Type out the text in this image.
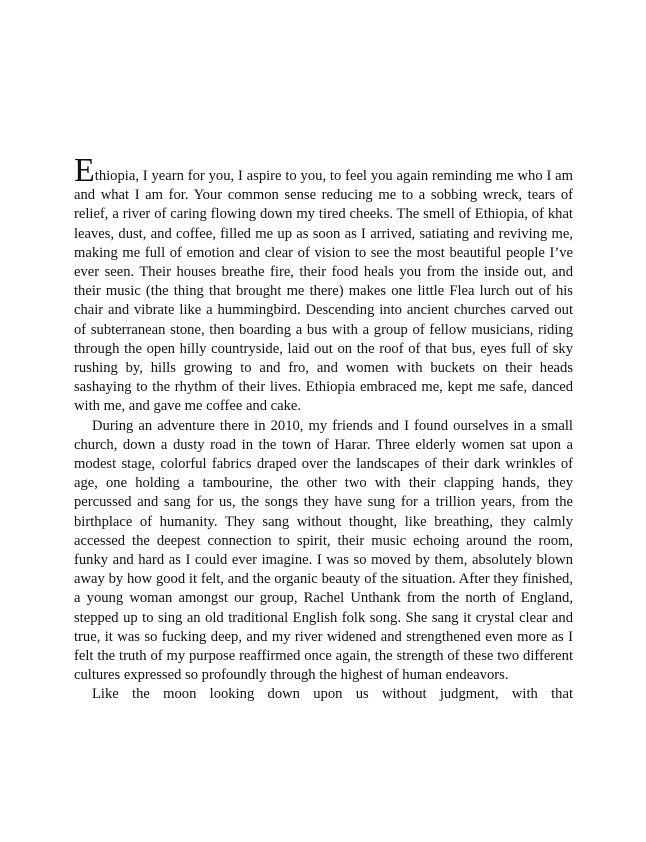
Ethiopia, I yearn for you, I aspire to you, to feel you again reminding me who I am and what I am for. Your common sense reducing me to a sobbing wreck, tears of relief, a river of caring flowing down my tired cheeks. The smell of Ethiopia, of khat leaves, dust, and coffee, filled me up as soon as I arrived, satiating and reviving me, making me full of emotion and clear of vision to see the most beautiful people I’ve ever seen. Their houses breathe fire, their food heals you from the inside out, and their music (the thing that brought me there) makes one little Flea lurch out of his chair and vibrate like a hummingbird. Descending into ancient churches carved out of subterranean stone, then boarding a bus with a group of fellow musicians, riding through the open hilly countryside, laid out on the roof of that bus, eyes full of sky rushing by, hills growing to and fro, and women with buckets on their heads sashaying to the rhythm of their lives. Ethiopia embraced me, kept me safe, danced with me, and gave me coffee and cake.

During an adventure there in 2010, my friends and I found ourselves in a small church, down a dusty road in the town of Harar. Three elderly women sat upon a modest stage, colorful fabrics draped over the landscapes of their dark wrinkles of age, one holding a tambourine, the other two with their clapping hands, they percussed and sang for us, the songs they have sung for a trillion years, from the birthplace of humanity. They sang without thought, like breathing, they calmly accessed the deepest connection to spirit, their music echoing around the room, funky and hard as I could ever imagine. I was so moved by them, absolutely blown away by how good it felt, and the organic beauty of the situation. After they finished, a young woman amongst our group, Rachel Unthank from the north of England, stepped up to sing an old traditional English folk song. She sang it crystal clear and true, it was so fucking deep, and my river widened and strengthened even more as I felt the truth of my purpose reaffirmed once again, the strength of these two different cultures expressed so profoundly through the highest of human endeavors.

Like the moon looking down upon us without judgment, with that
